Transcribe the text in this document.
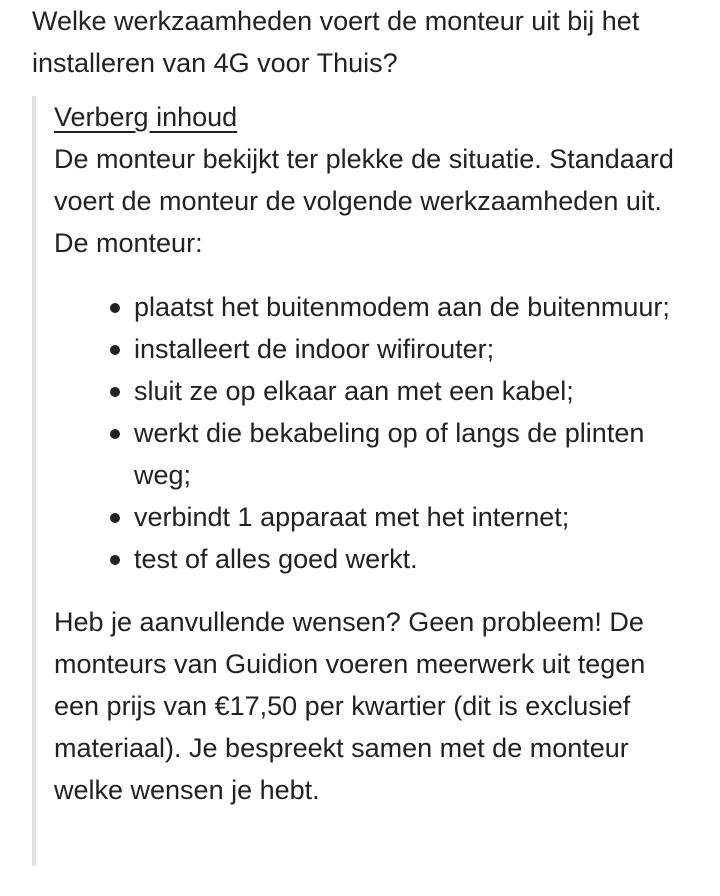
Welke werkzaamheden voert de monteur uit bij het installeren van 4G voor Thuis?
Verberg inhoud

De monteur bekijkt ter plekke de situatie. Standaard voert de monteur de volgende werkzaamheden uit. De monteur:

plaatst het buitenmodem aan de buitenmuur;
installeert de indoor wifirouter;
sluit ze op elkaar aan met een kabel;
werkt die bekabeling op of langs de plinten weg;
verbindt 1 apparaat met het internet;
test of alles goed werkt.

Heb je aanvullende wensen? Geen probleem! De monteurs van Guidion voeren meerwerk uit tegen een prijs van €17,50 per kwartier (dit is exclusief materiaal). Je bespreekt samen met de monteur welke wensen je hebt.
